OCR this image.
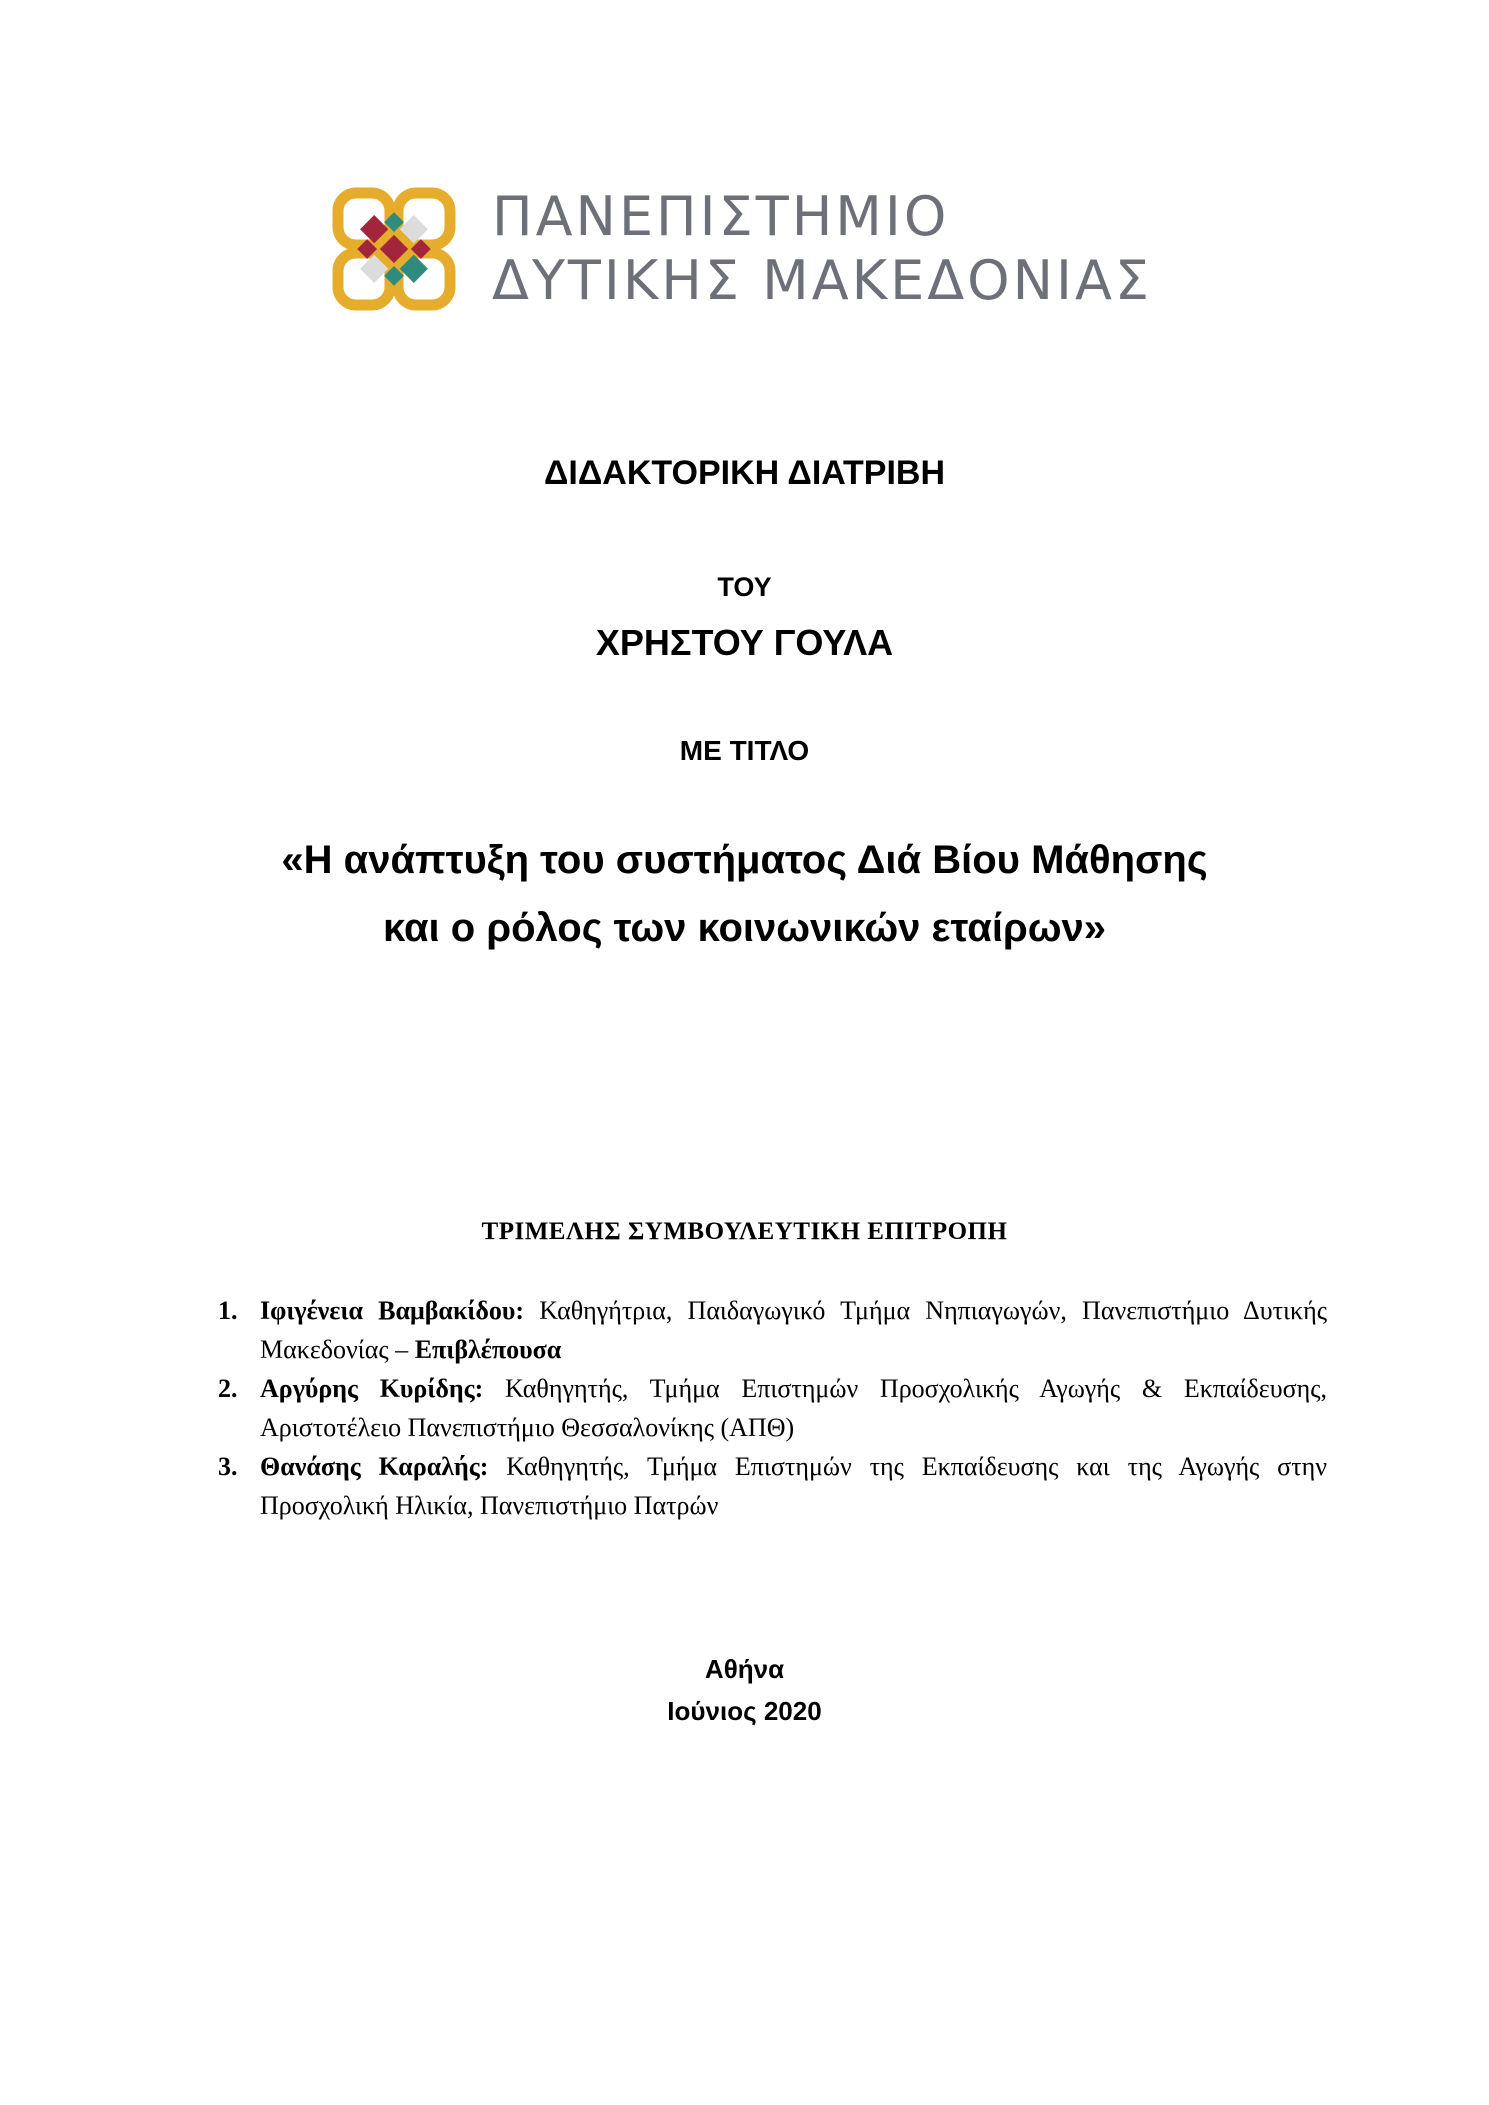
ΠΑΝΕΠΙΣΤΗΜΙΟ
ΔΥΤΙΚΗΣ ΜΑΚΕΔΟΝΙΑΣ
ΔΙΔΑΚΤΟΡΙΚΗ ΔΙΑΤΡΙΒΗ
ΤΟΥ
ΧΡΗΣΤΟΥ ΓΟΥΛΑ
ΜΕ ΤΙΤΛΟ
«Η ανάπτυξη του συστήματος Διά Βίου Μάθησης
και ο ρόλος των κοινωνικών εταίρων»
ΤΡΙΜΕΛΗΣ ΣΥΜΒΟΥΛΕΥΤΙΚΗ ΕΠΙΤΡΟΠΗ

1. Ιφιγένεια Βαμβακίδου: Καθηγήτρια, Παιδαγωγικό Τμήμα Νηπιαγωγών, Πανεπιστήμιο Δυτικής Μακεδονίας – Επιβλέπουσα

2. Αργύρης Κυρίδης: Καθηγητής, Τμήμα Επιστημών Προσχολικής Αγωγής & Εκπαίδευσης, Αριστοτέλειο Πανεπιστήμιο Θεσσαλονίκης (ΑΠΘ)

3. Θανάσης Καραλής: Καθηγητής, Τμήμα Επιστημών της Εκπαίδευσης και της Αγωγής στην Προσχολική Ηλικία, Πανεπιστήμιο Πατρών

Αθήνα
Ιούνιος 2020
